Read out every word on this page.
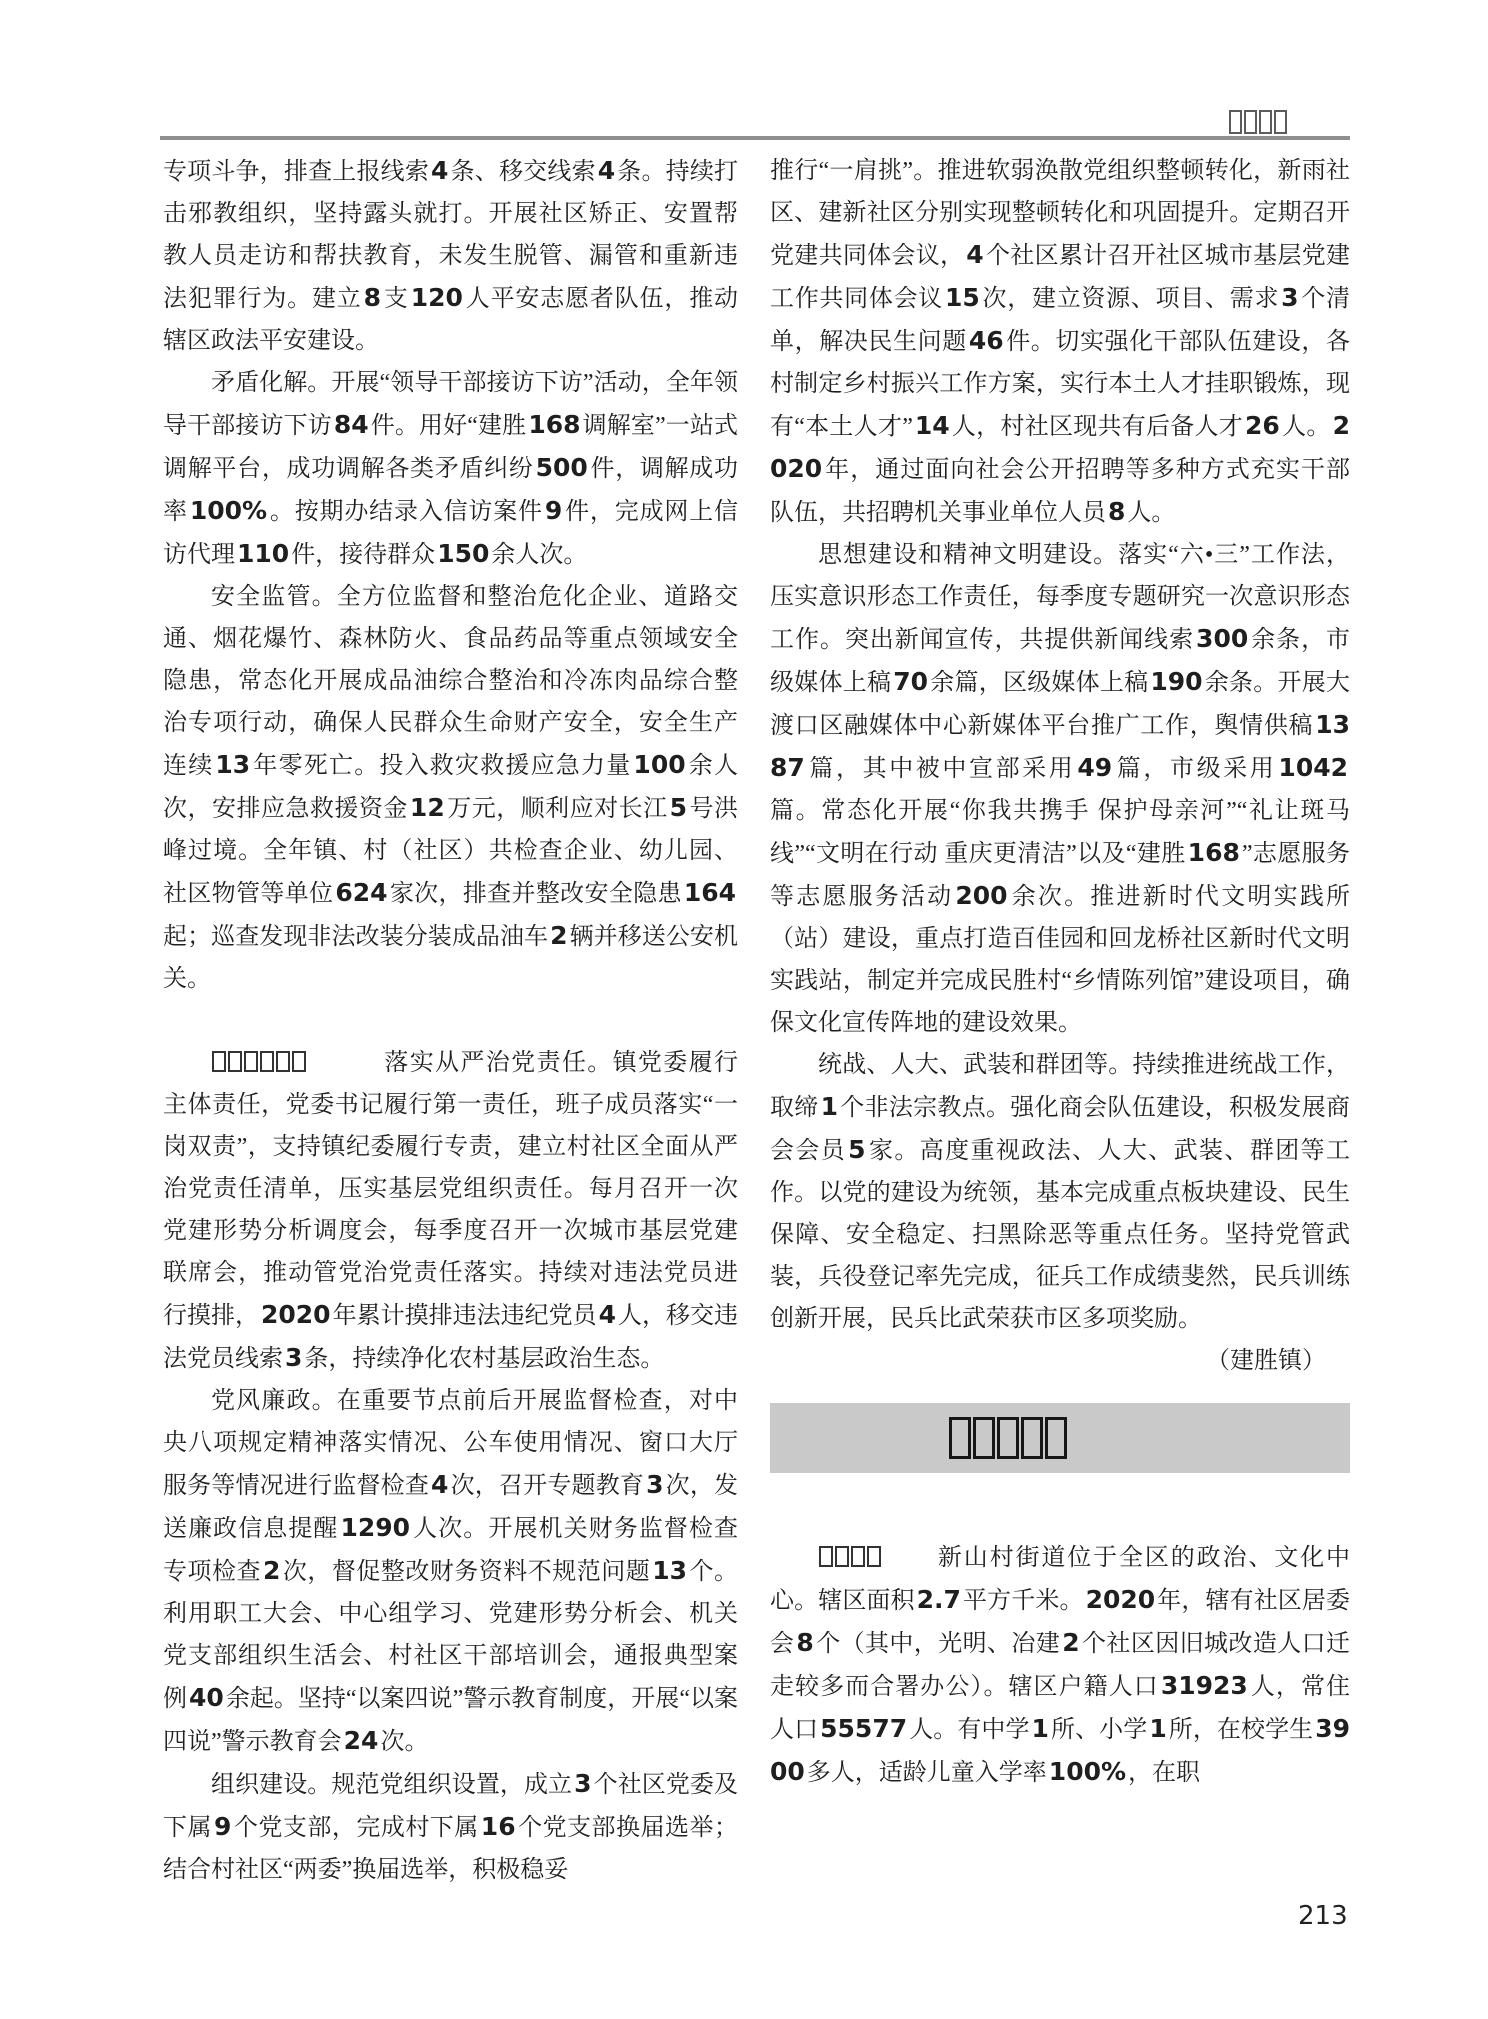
专项斗争，排查上报线索4条、移交线索4条。持续打击邪教组织，坚持露头就打。开展社区矫正、安置帮教人员走访和帮扶教育，未发生脱管、漏管和重新违法犯罪行为。建立8支120人平安志愿者队伍，推动辖区政法平安建设。

矛盾化解。开展“领导干部接访下访”活动，全年领导干部接访下访84件。用好“建胜168调解室”一站式调解平台，成功调解各类矛盾纠纷500件，调解成功率100%。按期办结录入信访案件9件，完成网上信访代理110件，接待群众150余人次。

安全监管。全方位监督和整治危化企业、道路交通、烟花爆竹、森林防火、食品药品等重点领域安全隐患，常态化开展成品油综合整治和冷冻肉品综合整治专项行动，确保人民群众生命财产安全，安全生产连续13年零死亡。投入救灾救援应急力量100余人次，安排应急救援资金12万元，顺利应对长江5号洪峰过境。全年镇、村（社区）共检查企业、幼儿园、社区物管等单位624家次，排查并整改安全隐患164起；巡查发现非法改装分装成品油车2辆并移送公安机关。

落实从严治党责任。镇党委履行主体责任，党委书记履行第一责任，班子成员落实“一岗双责”，支持镇纪委履行专责，建立村社区全面从严治党责任清单，压实基层党组织责任。每月召开一次党建形势分析调度会，每季度召开一次城市基层党建联席会，推动管党治党责任落实。持续对违法党员进行摸排，2020年累计摸排违法违纪党员4人，移交违法党员线索3条，持续净化农村基层政治生态。

党风廉政。在重要节点前后开展监督检查，对中央八项规定精神落实情况、公车使用情况、窗口大厅服务等情况进行监督检查4次，召开专题教育3次，发送廉政信息提醒1290人次。开展机关财务监督检查专项检查2次，督促整改财务资料不规范问题13个。利用职工大会、中心组学习、党建形势分析会、机关党支部组织生活会、村社区干部培训会，通报典型案例40余起。坚持“以案四说”警示教育制度，开展“以案四说”警示教育会24次。

组织建设。规范党组织设置，成立3个社区党委及下属9个党支部，完成村下属16个党支部换届选举；结合村社区“两委”换届选举，积极稳妥

推行“一肩挑”。推进软弱涣散党组织整顿转化，新雨社区、建新社区分别实现整顿转化和巩固提升。定期召开党建共同体会议，4个社区累计召开社区城市基层党建工作共同体会议15次，建立资源、项目、需求3个清单，解决民生问题46件。切实强化干部队伍建设，各村制定乡村振兴工作方案，实行本土人才挂职锻炼，现有“本土人才”14人，村社区现共有后备人才26人。2020年，通过面向社会公开招聘等多种方式充实干部队伍，共招聘机关事业单位人员8人。

思想建设和精神文明建设。落实“六•三”工作法，压实意识形态工作责任，每季度专题研究一次意识形态工作。突出新闻宣传，共提供新闻线索300余条，市级媒体上稿70余篇，区级媒体上稿190余条。开展大渡口区融媒体中心新媒体平台推广工作，舆情供稿1387篇，其中被中宣部采用49篇，市级采用1042篇。常态化开展“你我共携手 保护母亲河”“礼让斑马线”“文明在行动 重庆更清洁”以及“建胜168”志愿服务等志愿服务活动200余次。推进新时代文明实践所（站）建设，重点打造百佳园和回龙桥社区新时代文明实践站，制定并完成民胜村“乡情陈列馆”建设项目，确保文化宣传阵地的建设效果。

统战、人大、武装和群团等。持续推进统战工作，取缔1个非法宗教点。强化商会队伍建设，积极发展商会会员5家。高度重视政法、人大、武装、群团等工作。以党的建设为统领，基本完成重点板块建设、民生保障、安全稳定、扫黑除恶等重点任务。坚持党管武装，兵役登记率先完成，征兵工作成绩斐然，民兵训练创新开展，民兵比武荣获市区多项奖励。

（建胜镇）

新山村街道位于全区的政治、文化中心。辖区面积2.7平方千米。2020年，辖有社区居委会8个（其中，光明、冶建2个社区因旧城改造人口迁走较多而合署办公）。辖区户籍人口31923人，常住人口55577人。有中学1所、小学1所，在校学生3900多人，适龄儿童入学率100%，在职

213
